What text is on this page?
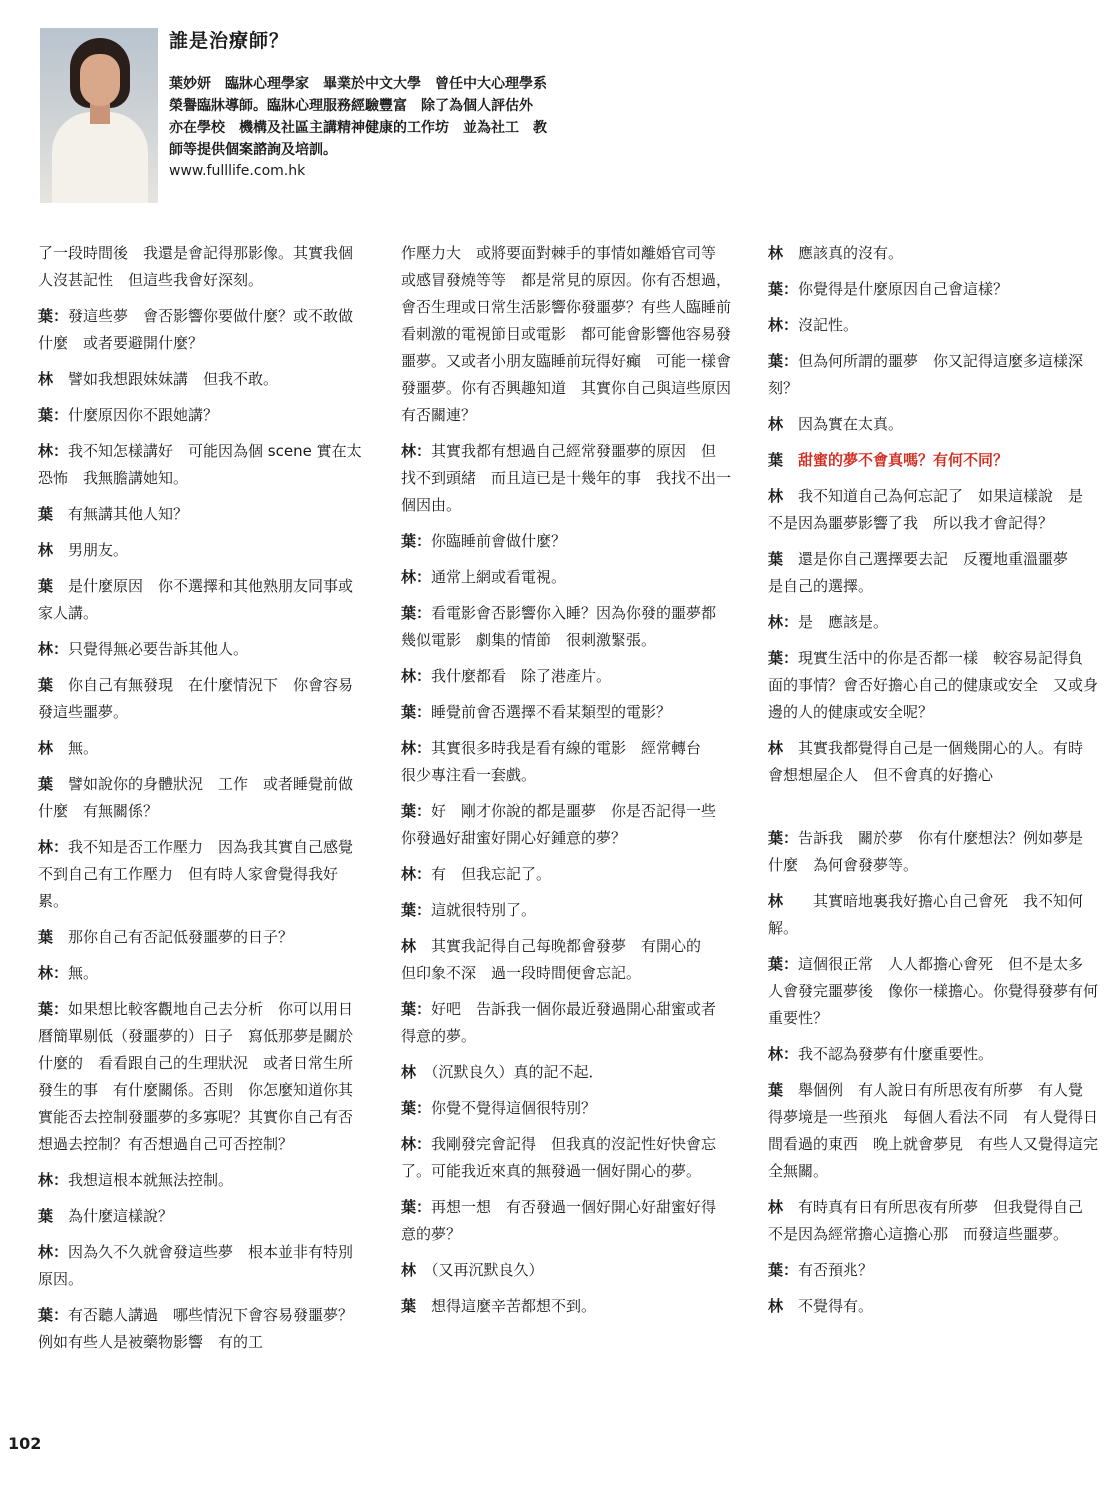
誰是治療師？

葉妙妍　臨牀心理學家　畢業於中文大學　曾任中大心理學系榮譽臨牀導師。臨牀心理服務經驗豐富　除了為個人評估外　亦在學校　機構及社區主講精神健康的工作坊　並為社工　教師等提供個案諮詢及培訓。

www.fulllife.com.hk

了一段時間後　我還是會記得那影像。其實我個人沒甚記性　但這些我會好深刻。

葉：發這些夢　會否影響你要做什麼？或不敢做什麼　或者要避開什麼？

林　譬如我想跟妹妹講　但我不敢。

葉：什麼原因你不跟她講？

林：我不知怎樣講好　可能因為個 scene 實在太恐怖　我無膽講她知。

葉　有無講其他人知？

林　男朋友。

葉　是什麼原因　你不選擇和其他熟朋友同事或家人講。

林：只覺得無必要告訴其他人。

葉　你自己有無發現　在什麼情況下　你會容易發這些噩夢。

林　無。

葉　譬如說你的身體狀況　工作　或者睡覺前做什麼　有無關係？

林：我不知是否工作壓力　因為我其實自己感覺不到自己有工作壓力　但有時人家會覺得我好累。

葉　那你自己有否記低發噩夢的日子？

林：無。

葉：如果想比較客觀地自己去分析　你可以用日曆簡單剔低（發噩夢的）日子　寫低那夢是關於什麼的　看看跟自己的生理狀況　或者日常生所發生的事　有什麼關係。否則　你怎麼知道你其實能否去控制發噩夢的多寡呢？其實你自己有否想過去控制？有否想過自己可否控制？

林：我想這根本就無法控制。

葉　為什麼這樣說？

林：因為久不久就會發這些夢　根本並非有特別原因。

葉：有否聽人講過　哪些情況下會容易發噩夢？例如有些人是被藥物影響　有的工

作壓力大　或將要面對棘手的事情如離婚官司等　或感冒發燒等等　都是常見的原因。你有否想過，會否生理或日常生活影響你發噩夢？有些人臨睡前看刺激的電視節目或電影　都可能會影響他容易發噩夢。又或者小朋友臨睡前玩得好癲　可能一樣會發噩夢。你有否興趣知道　其實你自己與這些原因有否關連？

林：其實我都有想過自己經常發噩夢的原因　但找不到頭緒　而且這已是十幾年的事　我找不出一個因由。

葉：你臨睡前會做什麼？

林：通常上網或看電視。

葉：看電影會否影響你入睡？因為你發的噩夢都幾似電影　劇集的情節　很刺激緊張。

林：我什麼都看　除了港產片。

葉：睡覺前會否選擇不看某類型的電影？

林：其實很多時我是看有線的電影　經常轉台　很少專注看一套戲。

葉：好　剛才你說的都是噩夢　你是否記得一些你發過好甜蜜好開心好鍾意的夢？

林：有　但我忘記了。

葉：這就很特別了。

林　其實我記得自己每晚都會發夢　有開心的　但印象不深　過一段時間便會忘記。

葉：好吧　告訴我一個你最近發過開心甜蜜或者得意的夢。

林　（沉默良久）真的記不起．

葉：你覺不覺得這個很特別？

林：我剛發完會記得　但我真的沒記性好快會忘了。可能我近來真的無發過一個好開心的夢。

葉：再想一想　有否發過一個好開心好甜蜜好得意的夢？

林　（又再沉默良久）

葉　想得這麼辛苦都想不到。

林　應該真的沒有。

葉：你覺得是什麼原因自己會這樣？

林：沒記性。

葉：但為何所謂的噩夢　你又記得這麼多這樣深刻？

林　因為實在太真。

葉　甜蜜的夢不會真嗎？有何不同？

林　我不知道自己為何忘記了　如果這樣說　是不是因為噩夢影響了我　所以我才會記得？

葉　還是你自己選擇要去記　反覆地重溫噩夢　是自己的選擇。

林：是　應該是。

葉：現實生活中的你是否都一樣　較容易記得負面的事情？會否好擔心自己的健康或安全　又或身邊的人的健康或安全呢？

林　其實我都覺得自己是一個幾開心的人。有時會想想屋企人　但不會真的好擔心

葉：告訴我　關於夢　你有什麼想法？例如夢是什麼　為何會發夢等。

林　　其實暗地裏我好擔心自己會死　我不知何解。

葉：這個很正常　人人都擔心會死　但不是太多人會發完噩夢後　像你一樣擔心。你覺得發夢有何重要性？

林：我不認為發夢有什麼重要性。

葉　舉個例　有人說日有所思夜有所夢　有人覺得夢境是一些預兆　每個人看法不同　有人覺得日間看過的東西　晚上就會夢見　有些人又覺得這完全無關。

林　有時真有日有所思夜有所夢　但我覺得自己不是因為經常擔心這擔心那　而發這些噩夢。

葉：有否預兆？

林　不覺得有。

102
